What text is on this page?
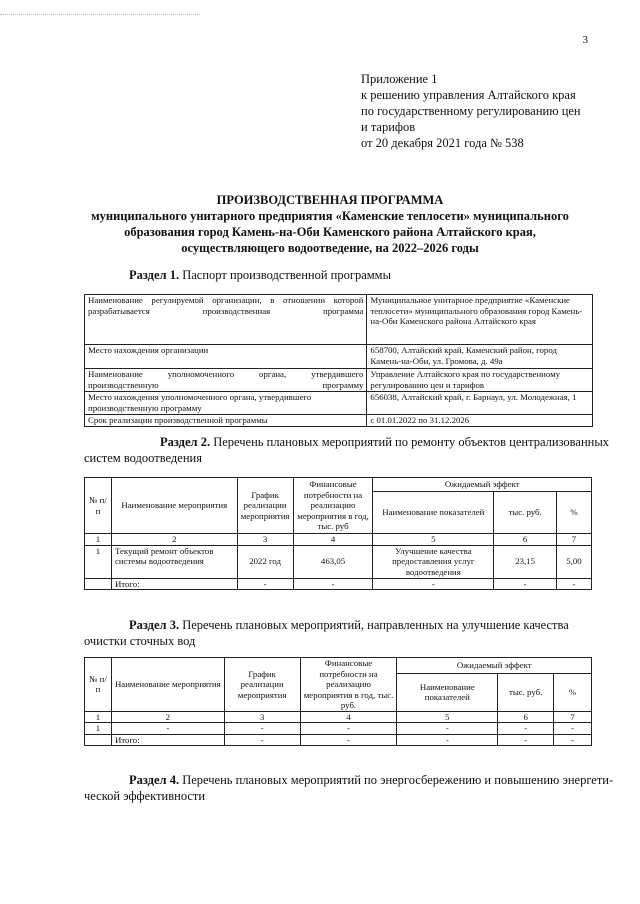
3
Приложение 1
к решению управления Алтайского края
по государственному регулированию цен
и тарифов
от 20 декабря 2021 года № 538
ПРОИЗВОДСТВЕННАЯ ПРОГРАММА
муниципального унитарного предприятия «Каменские теплосети» муниципального
образования город Камень-на-Оби Каменского района Алтайского края,
осуществляющего водоотведение, на 2022–2026 годы
Раздел 1. Паспорт производственной программы
Наименование регулируемой организации, в отношении которой разрабатывается производственная программа	Муниципальное унитарное предприятие «Каменские теплосети» муниципального образования город Камень-на-Оби Каменского района Алтайского края
Место нахождения организации	658700, Алтайский край, Каменский район, город Камень-на-Оби, ул. Громова, д. 49а
Наименование уполномоченного органа, утвердившего производственную программу	Управление Алтайского края по государственному регулированию цен и тарифов
Место нахождения уполномоченного органа, утвердившего производственную программу	656038, Алтайский край, г. Барнаул, ул. Молодежная, 1
Срок реализации производственной программы	с 01.01.2022 по 31.12.2026
Раздел 2. Перечень плановых мероприятий по ремонту объектов централизованных
систем водоотведения
№ п/п	Наименование мероприятия	График реализации мероприятия	Финансовые потребности на реализацию мероприятия в год, тыс. руб	Ожидаемый эффект		
				Наименование показателей	тыс. руб.	%
1	2	3	4	5	6	7
1	Текущий ремонт объектов системы водоотведения	2022 год	463,05	Улучшение качества предоставления услуг водоотведения	23,15	5,00
	Итого:	-	-	-	-	-
Раздел 3. Перечень плановых мероприятий, направленных на улучшение качества
очистки сточных вод
№ п/п	Наименование мероприятия	График реализации мероприятия	Финансовые потребности на реализацию мероприятия в год, тыс. руб.	Ожидаемый эффект		
				Наименование показателей	тыс. руб.	%
1	2	3	4	5	6	7
1	-	-	-	-	-	-
	Итого:	-	-	-	-	-
Раздел 4. Перечень плановых мероприятий по энергосбережению и повышению энергети-
ческой эффективности
